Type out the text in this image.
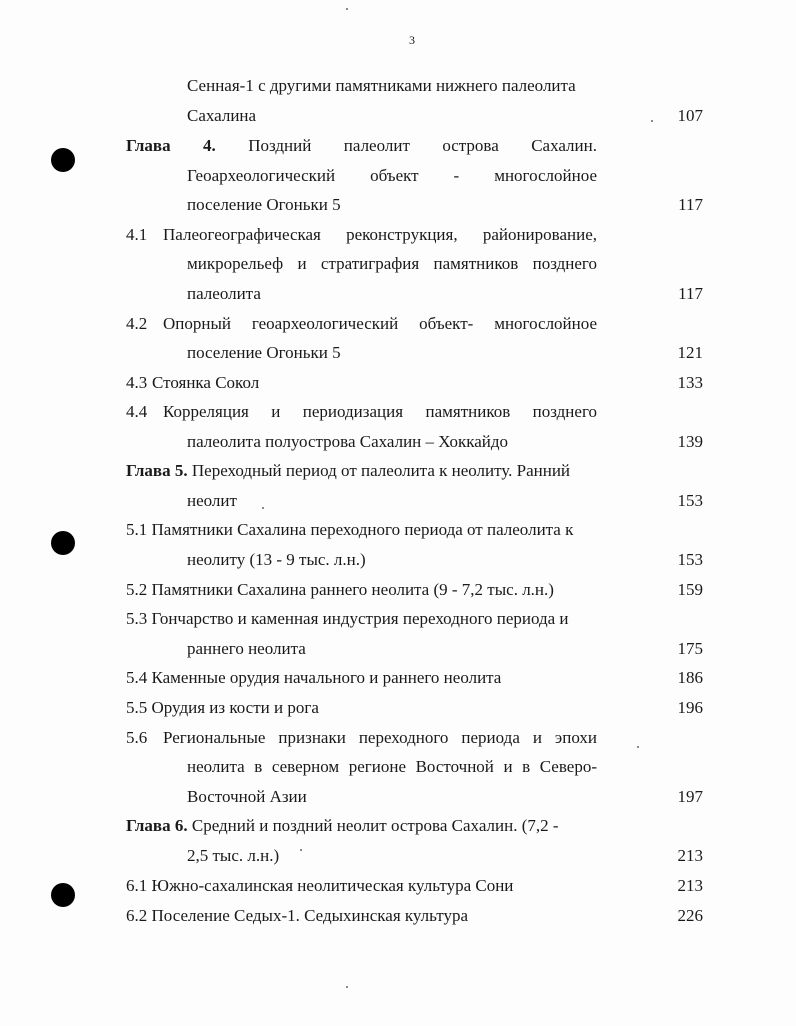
3
Сенная-1 с другими памятниками нижнего палеолита
Сахалина	107
Глава 4. Поздний палеолит острова Сахалин.
Геоархеологический объект - многослойное
поселение Огоньки 5	117
4.1 Палеогеографическая реконструкция, районирование,
микрорельеф и стратиграфия памятников позднего
палеолита	117
4.2 Опорный геоархеологический объект- многослойное
поселение Огоньки 5	121
4.3 Стоянка Сокол	133
4.4 Корреляция и периодизация памятников позднего
палеолита полуострова Сахалин – Хоккайдо	139
Глава 5. Переходный период от палеолита к неолиту. Ранний
неолит	153
5.1 Памятники Сахалина переходного периода от палеолита к
неолиту (13 - 9 тыс. л.н.)	153
5.2 Памятники Сахалина раннего неолита (9 - 7,2 тыс. л.н.)	159
5.3 Гончарство и каменная индустрия переходного периода и
раннего неолита	175
5.4 Каменные орудия начального и раннего неолита	186
5.5 Орудия из кости и рога	196
5.6 Региональные признаки переходного периода и эпохи
неолита в северном регионе Восточной и в Северо-
Восточной Азии	197
Глава 6. Средний и поздний неолит острова Сахалин. (7,2 -
2,5 тыс. л.н.)	213
6.1 Южно-сахалинская неолитическая культура Сони	213
6.2 Поселение Седых-1. Седыхинская культура	226
